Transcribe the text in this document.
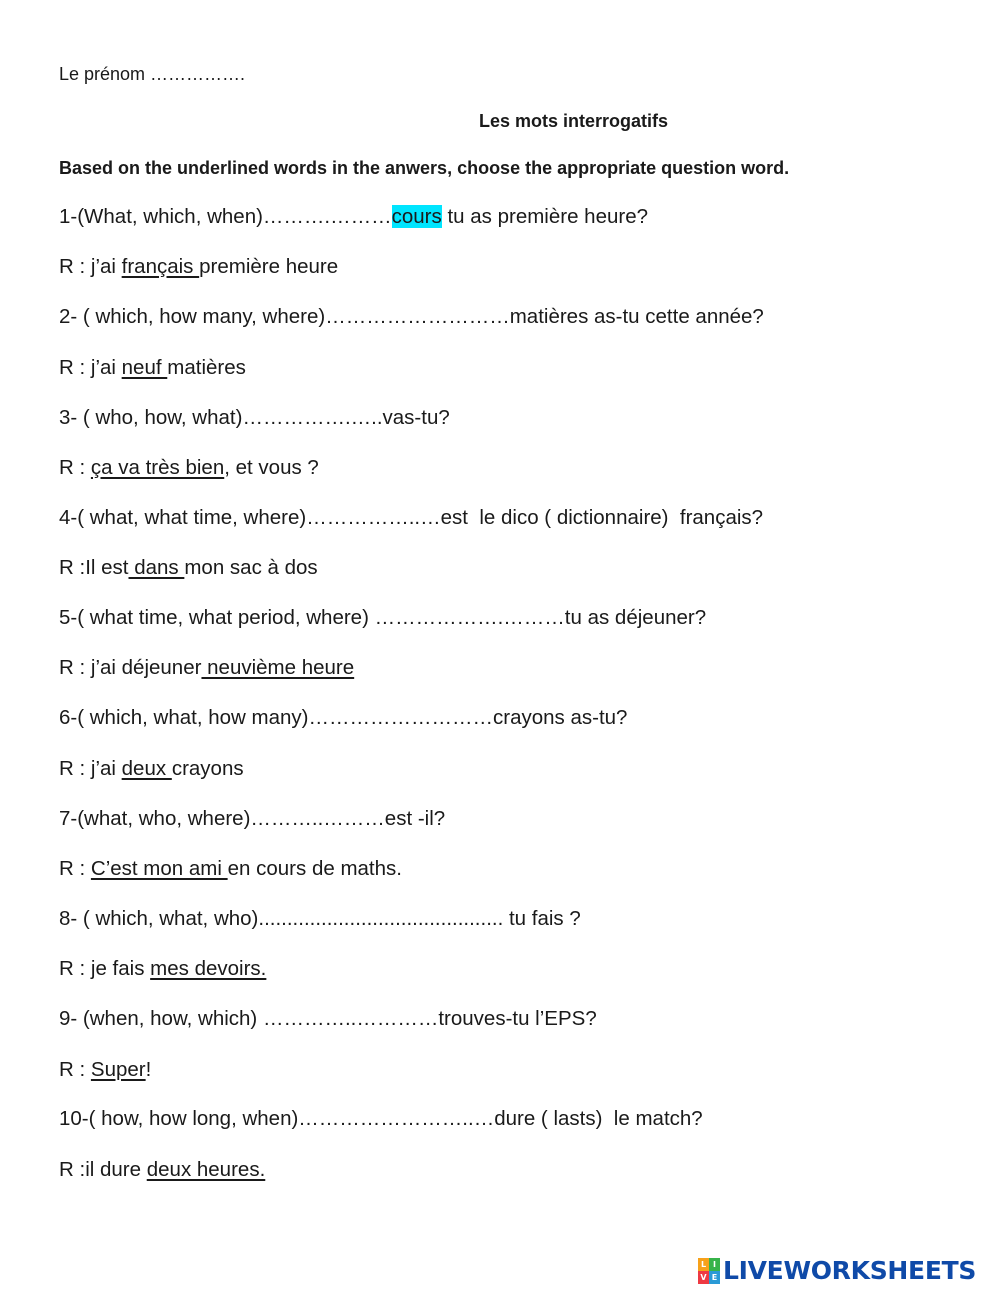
Le prénom …………….
Les mots interrogatifs
Based on the underlined words in the anwers, choose the appropriate question word.
1-(What, which, when)……….………cours tu as première heure?
R : j’ai français première heure
2- ( which, how many, where)………………………matières as-tu cette année?
R : j’ai neuf matières
3- ( who, how, what)…………….…..vas-tu?
R : ça va très bien, et vous ?
4-( what, what time, where)……………..…est  le dico ( dictionnaire)  français?
R :Il est dans mon sac à dos
5-( what time, what period, where) ……………….………tu as déjeuner?
R : j’ai déjeuner neuvième heure
6-( which, what, how many)………………………crayons as-tu?
R : j’ai deux crayons
7-(what, who, where)………..………est -il?
R : C’est mon ami en cours de maths.
8- ( which, what, who)........................................... tu fais ?
R : je fais mes devoirs.
9- (when, how, which) …………..…………trouves-tu l’EPS?
R : Super!
10-( how, how long, when)……………………..…dure ( lasts)  le match?
R :il dure deux heures.
L I
V E LIVEWORKSHEETS
